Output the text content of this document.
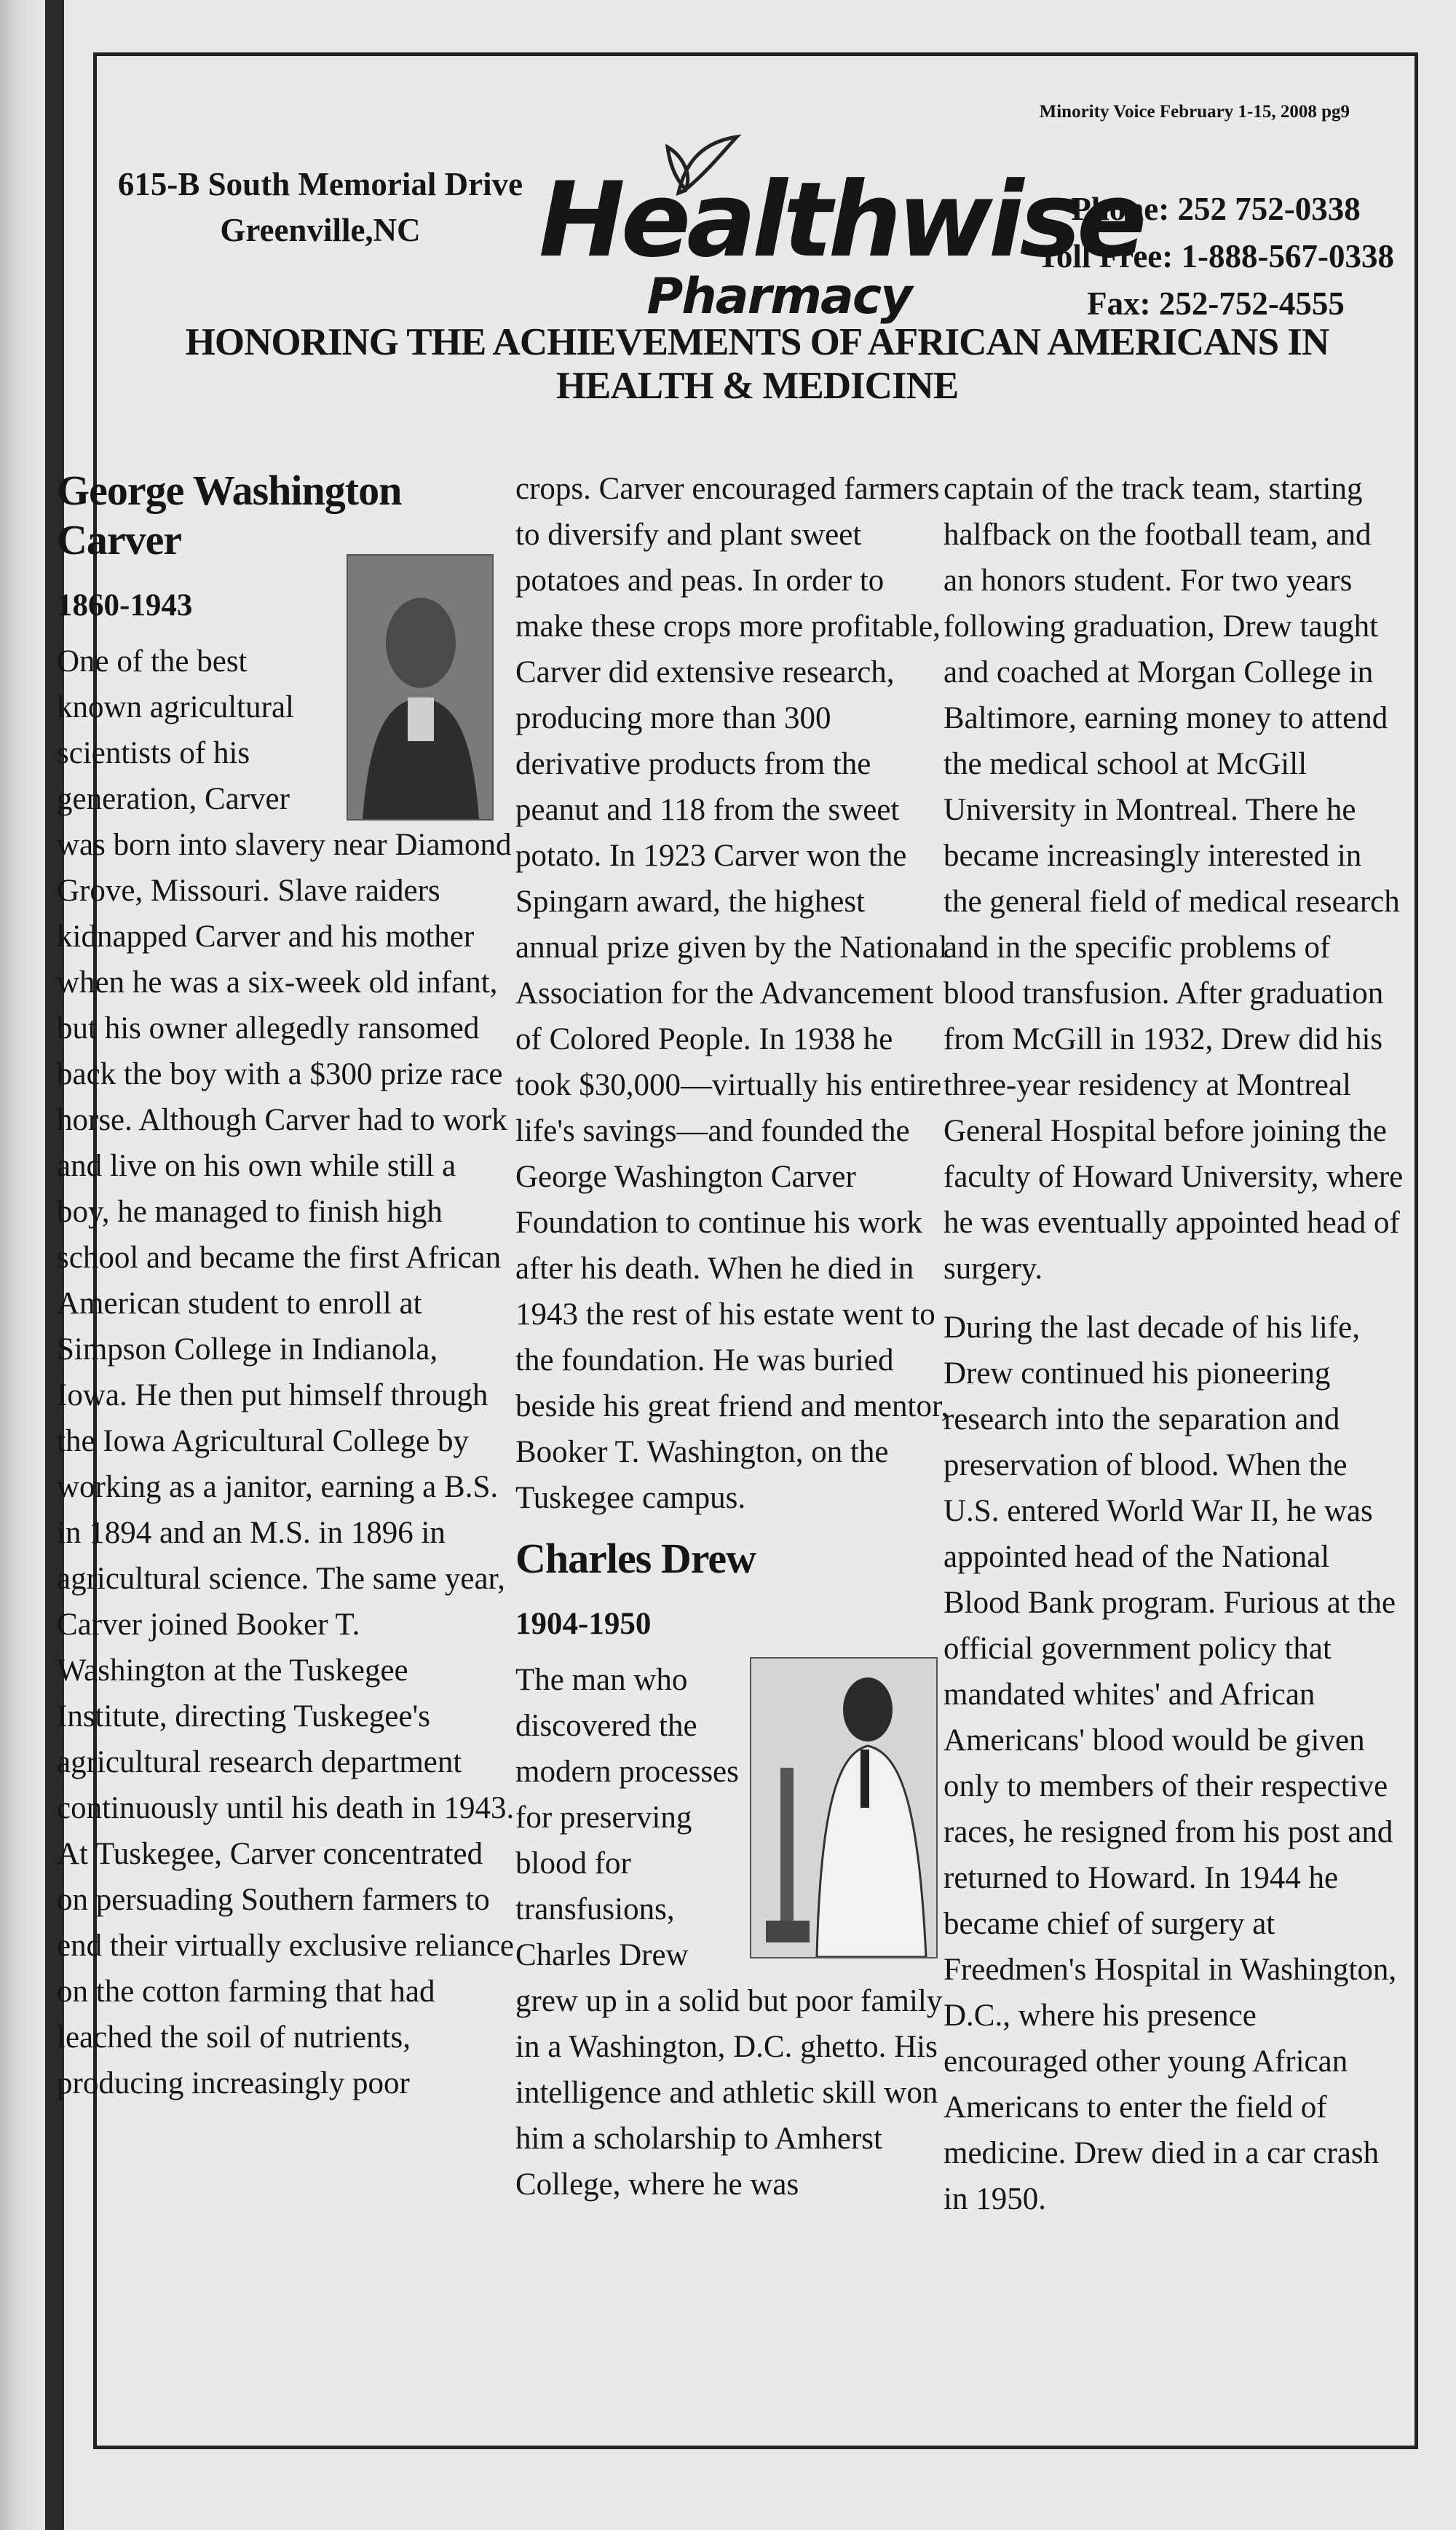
Minority Voice February 1-15, 2008 pg9
615-B South Memorial Drive
Greenville,NC	Healthwise
Pharmacy
Phone: 252 752-0338
Toll Free: 1-888-567-0338
Fax: 252-752-4555
HONORING THE ACHIEVEMENTS OF AFRICAN AMERICANS IN HEALTH & MEDICINE
George Washington Carver
1860-1943

One of the best known agricultural scientists of his generation, Carver was born into slavery near Diamond Grove, Missouri. Slave raiders kidnapped Carver and his mother when he was a six-week old infant, but his owner allegedly ransomed back the boy with a $300 prize race horse. Although Carver had to work and live on his own while still a boy, he managed to finish high school and became the first African American student to enroll at Simpson College in Indianola, Iowa. He then put himself through the Iowa Agricultural College by working as a janitor, earning a B.S. in 1894 and an M.S. in 1896 in agricultural science. The same year, Carver joined Booker T. Washington at the Tuskegee Institute, directing Tuskegee's agricultural research department continuously until his death in 1943. At Tuskegee, Carver concentrated on persuading Southern farmers to end their virtually exclusive reliance on the cotton farming that had leached the soil of nutrients, producing increasingly poor

crops. Carver encouraged farmers to diversify and plant sweet potatoes and peas. In order to make these crops more profitable, Carver did extensive research, producing more than 300 derivative products from the peanut and 118 from the sweet potato. In 1923 Carver won the Spingarn award, the highest annual prize given by the National Association for the Advancement of Colored People. In 1938 he took $30,000—virtually his entire life's savings—and founded the George Washington Carver Foundation to continue his work after his death. When he died in 1943 the rest of his estate went to the foundation. He was buried beside his great friend and mentor, Booker T. Washington, on the Tuskegee campus.

Charles Drew
1904-1950

The man who discovered the modern processes for preserving blood for transfusions, Charles Drew grew up in a solid but poor family in a Washington, D.C. ghetto. His intelligence and athletic skill won him a scholarship to Amherst College, where he was

captain of the track team, starting halfback on the football team, and an honors student. For two years following graduation, Drew taught and coached at Morgan College in Baltimore, earning money to attend the medical school at McGill University in Montreal. There he became increasingly interested in the general field of medical research and in the specific problems of blood transfusion. After graduation from McGill in 1932, Drew did his three-year residency at Montreal General Hospital before joining the faculty of Howard University, where he was eventually appointed head of surgery.

During the last decade of his life, Drew continued his pioneering research into the separation and preservation of blood. When the U.S. entered World War II, he was appointed head of the National Blood Bank program. Furious at the official government policy that mandated whites' and African Americans' blood would be given only to members of their respective races, he resigned from his post and returned to Howard. In 1944 he became chief of surgery at Freedmen's Hospital in Washington, D.C., where his presence encouraged other young African Americans to enter the field of medicine. Drew died in a car crash in 1950.
